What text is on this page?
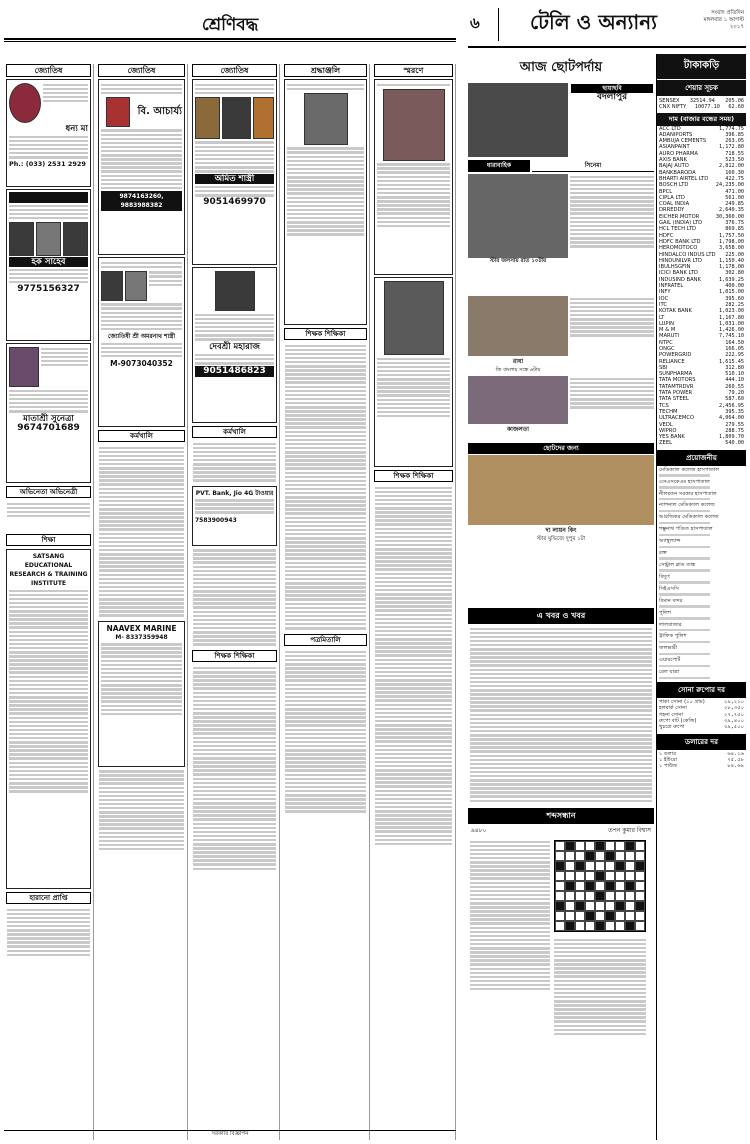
শ্রেণিবদ্ধ
জ্যোতিষ
ধন্য মা
Ph.: (033) 2531 2929

হক সাহেব
9775156327
মাতাশ্রী সুনেত্রা
9674701689
অভিনেতা অভিনেত্রী
শিক্ষা
SATSANG EDUCATIONAL RESEARCH & TRAINING INSTITUTE
হারানো প্রাপ্তি
জ্যোতিষ
বি. আচার্য্য
9874163260, 9883988382
জ্যোতিষী শ্রী অমরনাথ শাস্ত্রী
M-9073040352
কর্মখালি
NAAVEX MARINE
M- 8337359948
জ্যোতিষ
অমিত শাস্ত্রী
9051469970
দেবশ্রী মহারাজ
9051486823
কর্মখালি
PVT. Bank, Jio 4G টাওয়ার
7583900943
শিক্ষক শিক্ষিকা
শ্রদ্ধাঞ্জলি
শিক্ষক শিক্ষিকা
পত্রমিতালি
স্মরণে
শিক্ষক শিক্ষিকা
সরকারি বিজ্ঞাপন
৬	টেলি ও অন্যান্য	সংবাদ প্রতিদিন
মঙ্গলবার ১ আগস্ট
২০১৭
আজ ছোটপর্দায়
ছায়াছবি
বদলাপুর
ধারাবাহিক	সিনেমা
স্টার জলসায় রাত ১০টায়
রাধা
জি বাংলায় সন্ধে ৬টায়
কাজলতা
ছোটদের জন্য
দ্য লায়ন কিং
স্টার মুভিজে দুপুর ১টা
এ খবর ও খবর
শব্দসন্ধান
৯৪৮০	তপন কুমার বিশ্বাস
টাকাকড়ি
শেয়ার সূচক
SENSEX 32514.94 205.06
CNX NIFTY 10077.10 62.60
দাম (বাজার বন্ধের সময়)
ACC LTD	1,774.75
ADANIPORTS	396.85
AMBUJA CEMENTS	263.05
ASIANPAINT	1,172.80
AURO PHARMA	718.55
AXIS BANK	523.50
BAJAJ AUTO	2,812.00
BANKBARODA	160.30
BHARTI AIRTEL LTD	422.75
BOSCH LTD	24,235.00
BPCL	471.00
CIPLA LTD	561.00
COAL INDIA	249.85
DRREDDY	2,640.35
EICHER MOTOR	30,360.00
GAIL (INDIA) LTD	376.75
HCL TECH LTD	869.85
HDFC	1,757.50
HDFC BANK LTD	1,798.00
HEROMOTOCO	3,658.00
HINDALCO INDUS LTD 225.00
HINDUNILVR LTD	1,150.40
IBULHSGFIN	1,178.00
ICICI BANK LTD	302.80
INDUSIND BANK	1,639.25
INFRATEL	400.00
INFY	1,015.00
IOC	395.60
ITC	282.25
KOTAK BANK	1,023.00
LT	1,167.80
LUPIN	1,031.00
M & M	1,426.00
MARUTI	7,745.10
NTPC	164.50
ONGC	166.05
POWERGRID	222.95
RELIANCE	1,615.45
SBI	312.80
SUNPHARMA	510.10
TATA MOTORS	444.10
TATAMTRDVR	260.55
TATA POWER	79.20
TATA STEEL	587.60
TCS	2,456.95
TECHM	395.35
ULTRACEMCO	4,064.00
VEDL	279.55
WIPRO	288.75
YES BANK	1,809.70
ZEEL	540.00
প্রয়োজনীয়
মেডিক্যাল কলেজ হাসপাতাল
এসএসকেএম হাসপাতাল
নীলরতন সরকার হাসপাতাল
ন্যাশনাল মেডিক্যাল কলেজ
আরজিকর মেডিক্যাল কলেজ
শম্ভুনাথ পণ্ডিত হাসপাতাল
অ্যাম্বুল্যান্স
রক্ত
সেন্ট্রাল ব্লাড ব্যাঙ্ক
বিদ্যুৎ
সিইএসসি
বিমান বন্দর
পুলিশ
লালবাজার
ট্রাফিক পুলিশ
জলভারী
এয়ারপোর্ট
রেল যাত্রা
সোনা রুপোর দর
পাকা সোনা (১০ গ্রাম)	২৯,২১০
হলমার্ক সোনা	২৮,৩৫০
গহনা সোনা	২৭,৭৫০
রুপো বাট (কেজি)	৩৯,৪০০
খুচরো রুপো	৩৯,৫০০
ডলারের দর
১ ডলার	৬৪.১৬
১ ইউরো	৭৫.৫৮
১ পাউন্ড	৮৪.৬৯
